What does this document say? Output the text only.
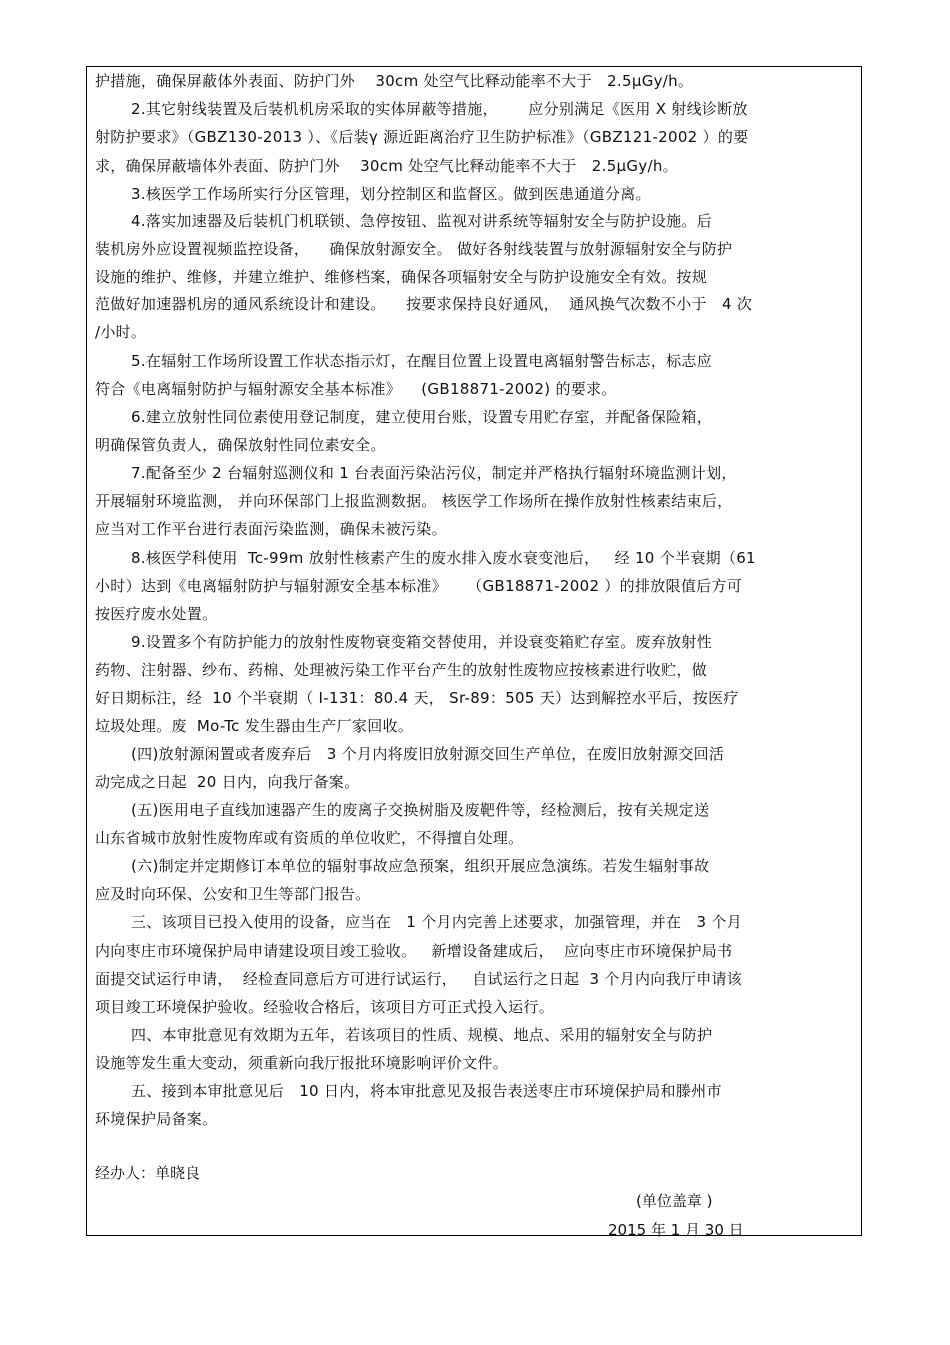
护措施，确保屏蔽体外表面、防护门外    30cm 处空气比释动能率不大于   2.5μGy/h。
2.其它射线装置及后装机机房采取的实体屏蔽等措施，      应分别满足《医用 X 射线诊断放
射防护要求》（GBZ130-2013 ）、《后装γ 源近距离治疗卫生防护标准》（GBZ121-2002 ）的要
求，确保屏蔽墙体外表面、防护门外    30cm 处空气比释动能率不大于   2.5μGy/h。
3.核医学工作场所实行分区管理，划分控制区和监督区。做到医患通道分离。
4.落实加速器及后装机门机联锁、急停按钮、监视对讲系统等辐射安全与防护设施。后
装机房外应设置视频监控设备，    确保放射源安全。 做好各射线装置与放射源辐射安全与防护
设施的维护、维修，并建立维护、维修档案，确保各项辐射安全与防护设施安全有效。按规
范做好加速器机房的通风系统设计和建设。    按要求保持良好通风，  通风换气次数不小于   4 次
/小时。
5.在辐射工作场所设置工作状态指示灯，在醒目位置上设置电离辐射警告标志，标志应
符合《电离辐射防护与辐射源安全基本标准》    (GB18871-2002) 的要求。
6.建立放射性同位素使用登记制度，建立使用台账，设置专用贮存室，并配备保险箱，
明确保管负责人，确保放射性同位素安全。
7.配备至少 2 台辐射巡测仪和 1 台表面污染沾污仪，制定并严格执行辐射环境监测计划，
开展辐射环境监测， 并向环保部门上报监测数据。 核医学工作场所在操作放射性核素结束后，
应当对工作平台进行表面污染监测，确保未被污染。
8.核医学科使用  Tc-99m 放射性核素产生的废水排入废水衰变池后，   经 10 个半衰期（61
小时）达到《电离辐射防护与辐射源安全基本标准》    （GB18871-2002 ）的排放限值后方可
按医疗废水处置。
9.设置多个有防护能力的放射性废物衰变箱交替使用，并设衰变箱贮存室。废弃放射性
药物、注射器、纱布、药棉、处理被污染工作平台产生的放射性废物应按核素进行收贮，做
好日期标注，经  10 个半衰期（ I-131：80.4 天， Sr-89：505 天）达到解控水平后，按医疗
垃圾处理。废  Mo-Tc 发生器由生产厂家回收。
(四)放射源闲置或者废弃后   3 个月内将废旧放射源交回生产单位，在废旧放射源交回活
动完成之日起  20 日内，向我厅备案。
(五)医用电子直线加速器产生的废离子交换树脂及废靶件等，经检测后，按有关规定送
山东省城市放射性废物库或有资质的单位收贮，不得擅自处理。
(六)制定并定期修订本单位的辐射事故应急预案，组织开展应急演练。若发生辐射事故
应及时向环保、公安和卫生等部门报告。
三、该项目已投入使用的设备，应当在   1 个月内完善上述要求，加强管理，并在   3 个月
内向枣庄市环境保护局申请建设项目竣工验收。   新增设备建成后，  应向枣庄市环境保护局书
面提交试运行申请，  经检查同意后方可进行试运行，   自试运行之日起  3 个月内向我厅申请该
项目竣工环境保护验收。经验收合格后，该项目方可正式投入运行。
四、本审批意见有效期为五年，若该项目的性质、规模、地点、采用的辐射安全与防护
设施等发生重大变动，须重新向我厅报批环境影响评价文件。
五、接到本审批意见后   10 日内，将本审批意见及报告表送枣庄市环境保护局和滕州市
环境保护局备案。
经办人：单晓良
(单位盖章 )
2015 年 1 月 30 日
